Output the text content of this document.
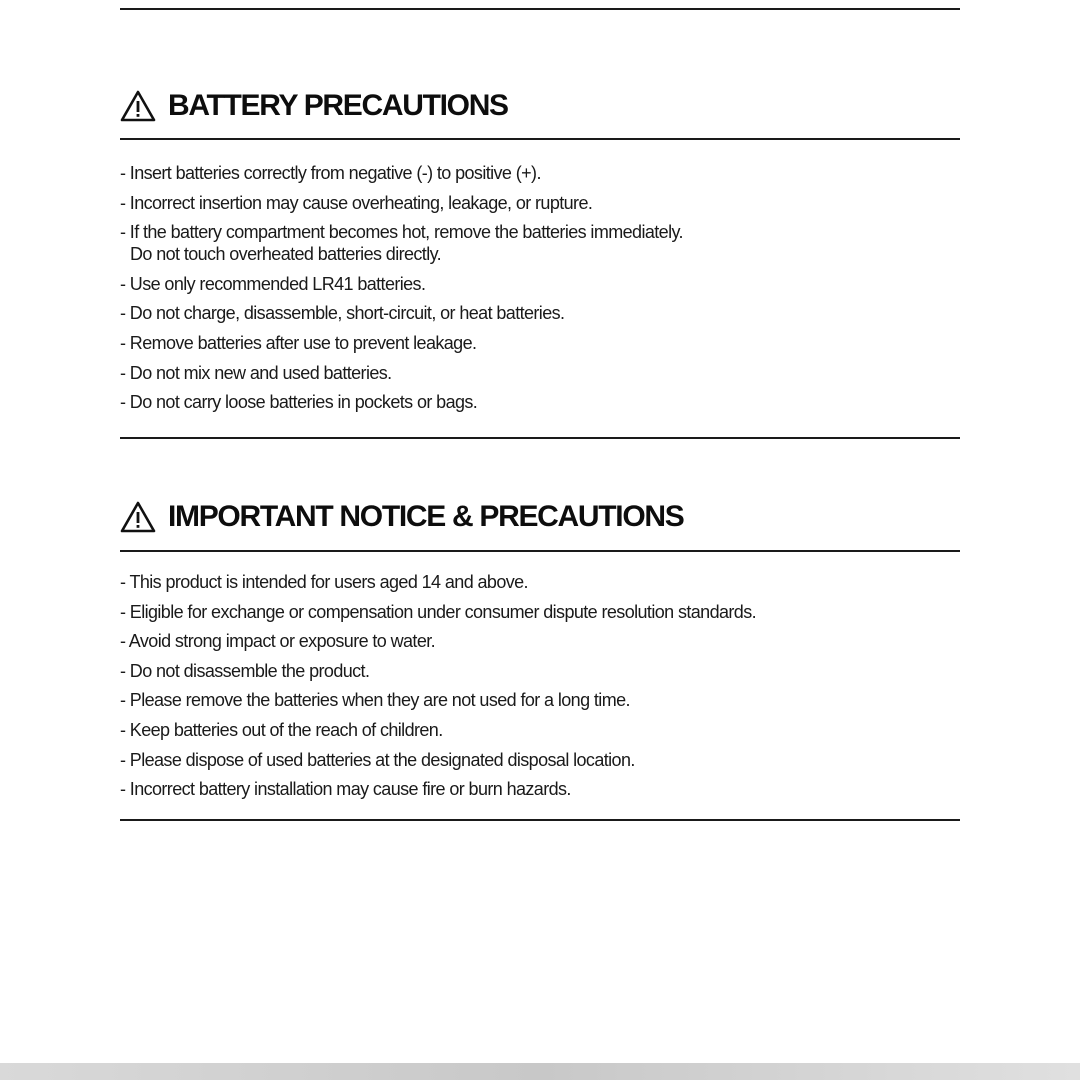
BATTERY PRECAUTIONS
- Insert batteries correctly from negative (-) to positive (+).
- Incorrect insertion may cause overheating, leakage, or rupture.
- If the battery compartment becomes hot, remove the batteries immediately.
Do not touch overheated batteries directly.
- Use only recommended LR41 batteries.
- Do not charge, disassemble, short-circuit, or heat batteries.
- Remove batteries after use to prevent leakage.
- Do not mix new and used batteries.
- Do not carry loose batteries in pockets or bags.
IMPORTANT NOTICE & PRECAUTIONS
- This product is intended for users aged 14 and above.
- Eligible for exchange or compensation under consumer dispute resolution standards.
- Avoid strong impact or exposure to water.
- Do not disassemble the product.
- Please remove the batteries when they are not used for a long time.
- Keep batteries out of the reach of children.
- Please dispose of used batteries at the designated disposal location.
- Incorrect battery installation may cause fire or burn hazards.
